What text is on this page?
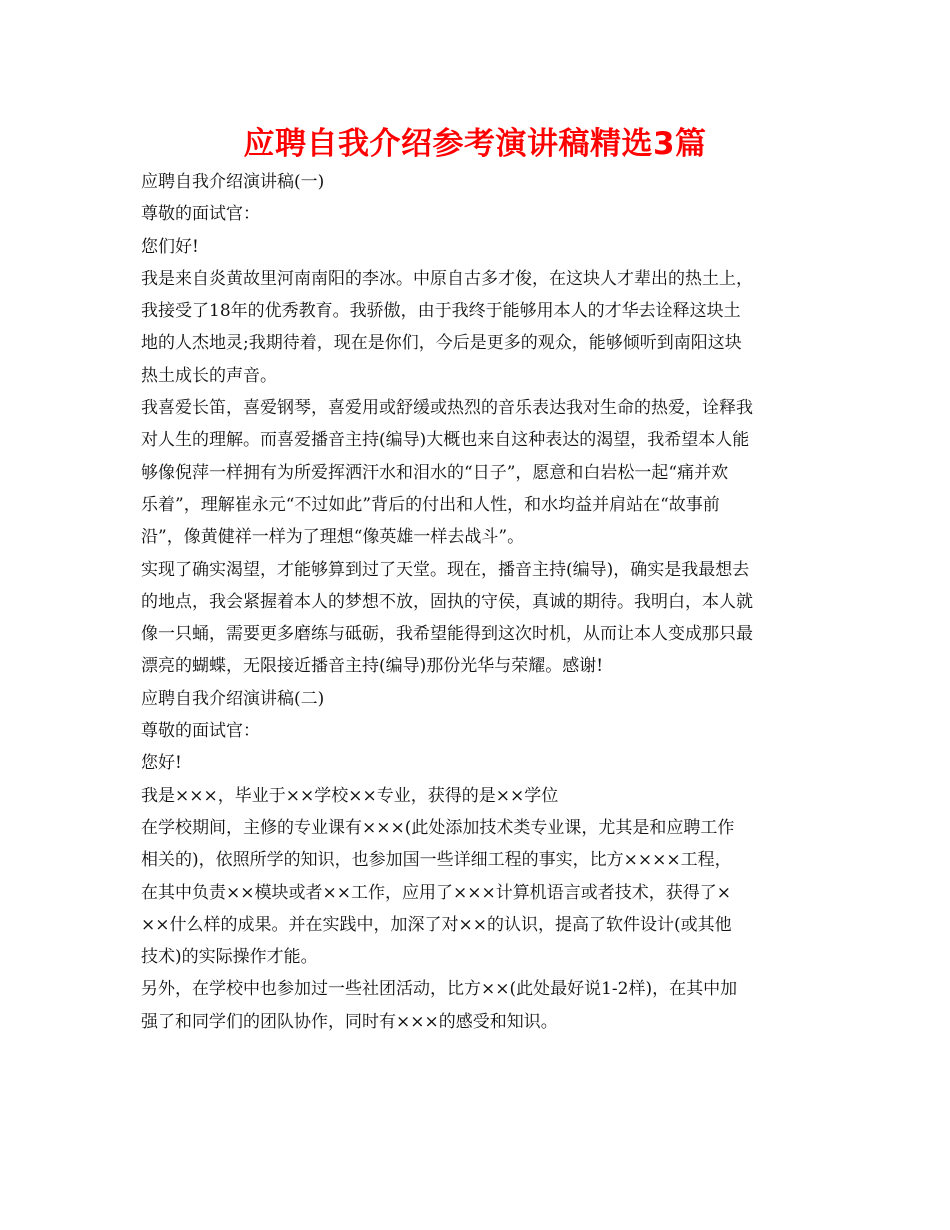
应聘自我介绍参考演讲稿精选3篇
应聘自我介绍演讲稿(一)
尊敬的面试官：
您们好!
我是来自炎黄故里河南南阳的李冰。中原自古多才俊，在这块人才辈出的热土上，
我接受了18年的优秀教育。我骄傲，由于我终于能够用本人的才华去诠释这块土
地的人杰地灵;我期待着，现在是你们，今后是更多的观众，能够倾听到南阳这块
热土成长的声音。
我喜爱长笛，喜爱钢琴，喜爱用或舒缓或热烈的音乐表达我对生命的热爱，诠释我
对人生的理解。而喜爱播音主持(编导)大概也来自这种表达的渴望，我希望本人能
够像倪萍一样拥有为所爱挥洒汗水和泪水的“日子”，愿意和白岩松一起“痛并欢
乐着”，理解崔永元“不过如此”背后的付出和人性，和水均益并肩站在“故事前
沿”，像黄健祥一样为了理想“像英雄一样去战斗”。
实现了确实渴望，才能够算到过了天堂。现在，播音主持(编导)，确实是我最想去
的地点，我会紧握着本人的梦想不放，固执的守侯，真诚的期待。我明白，本人就
像一只蛹，需要更多磨练与砥砺，我希望能得到这次时机，从而让本人变成那只最
漂亮的蝴蝶，无限接近播音主持(编导)那份光华与荣耀。感谢!
应聘自我介绍演讲稿(二)
尊敬的面试官：
您好!
我是×××，毕业于××学校××专业，获得的是××学位
在学校期间，主修的专业课有×××(此处添加技术类专业课，尤其是和应聘工作
相关的)，依照所学的知识，也参加国一些详细工程的事实，比方××××工程，
在其中负责××模块或者××工作，应用了×××计算机语言或者技术，获得了×
××什么样的成果。并在实践中，加深了对××的认识，提高了软件设计(或其他
技术)的实际操作才能。
另外，在学校中也参加过一些社团活动，比方××(此处最好说1-2样)，在其中加
强了和同学们的团队协作，同时有×××的感受和知识。
